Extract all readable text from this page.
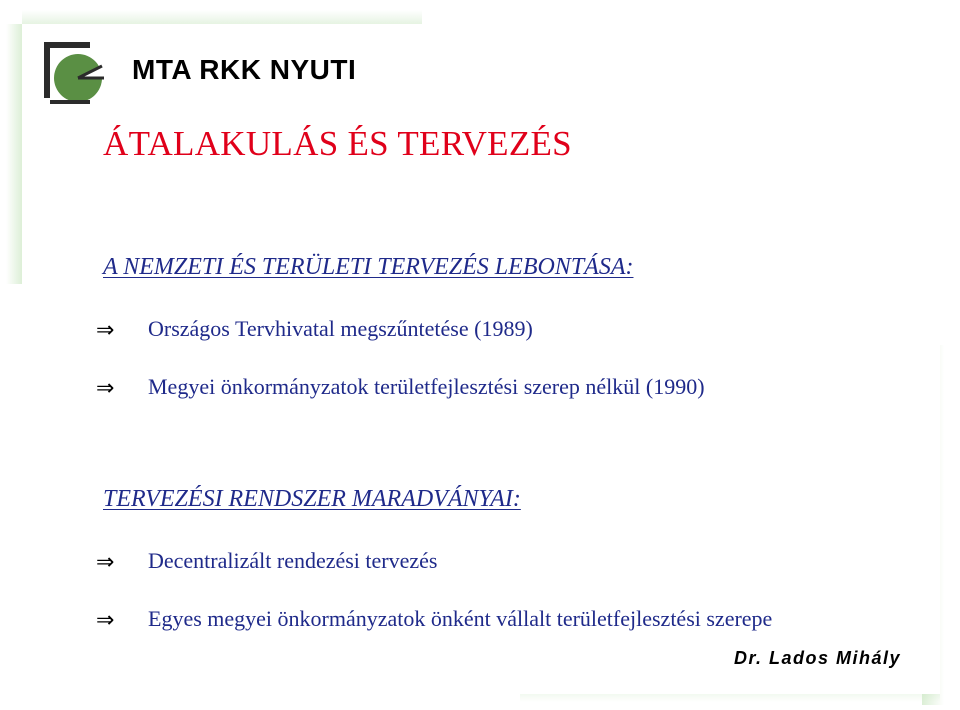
MTA RKK NYUTI
ÁTALAKULÁS ÉS TERVEZÉS
A NEMZETI ÉS TERÜLETI TERVEZÉS LEBONTÁSA:
⇒ Országos Tervhivatal megszűntetése (1989)
⇒ Megyei önkormányzatok területfejlesztési szerep nélkül (1990)
TERVEZÉSI RENDSZER MARADVÁNYAI:
⇒ Decentralizált rendezési tervezés
⇒ Egyes megyei önkormányzatok önként vállalt területfejlesztési szerepe
Dr. Lados Mihály
